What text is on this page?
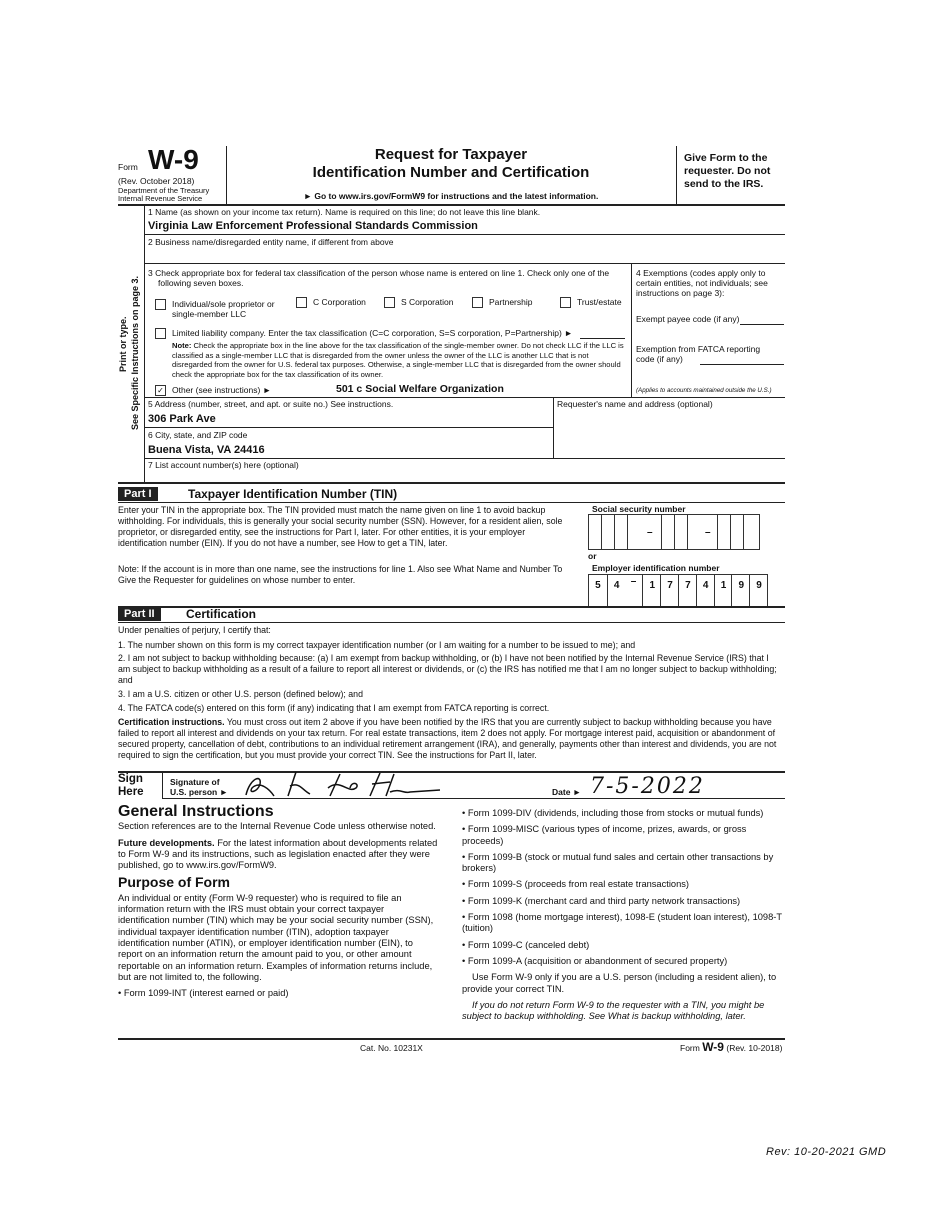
Form W-9
(Rev. October 2018)
Department of the Treasury
Internal Revenue Service
Request for Taxpayer
Identification Number and Certification
► Go to www.irs.gov/FormW9 for instructions and the latest information.
Give Form to the requester. Do not send to the IRS.
Print or type. See Specific Instructions on page 3.
1 Name (as shown on your income tax return). Name is required on this line; do not leave this line blank.
Virginia Law Enforcement Professional Standards Commission
2 Business name/disregarded entity name, if different from above
3 Check appropriate box for federal tax classification of the person whose name is entered on line 1. Check only one of the
following seven boxes.
Individual/sole proprietor or
single-member LLC
C Corporation	S Corporation	Partnership	Trust/estate
Limited liability company. Enter the tax classification (C=C corporation, S=S corporation, P=Partnership) ►
Note: Check the appropriate box in the line above for the tax classification of the single-member owner. Do not check LLC if the LLC is classified as a single-member LLC that is disregarded from the owner unless the owner of the LLC is another LLC that is not disregarded from the owner for U.S. federal tax purposes. Otherwise, a single-member LLC that is disregarded from the owner should check the appropriate box for the tax classification of its owner.
✓ Other (see instructions) ►	501 c Social Welfare Organization
4 Exemptions (codes apply only to certain entities, not individuals; see instructions on page 3):
Exempt payee code (if any)
Exemption from FATCA reporting code (if any)
(Applies to accounts maintained outside the U.S.)
5 Address (number, street, and apt. or suite no.) See instructions.
306 Park Ave
Requester's name and address (optional)
6 City, state, and ZIP code
Buena Vista, VA 24416
7 List account number(s) here (optional)
Part I	Taxpayer Identification Number (TIN)
Enter your TIN in the appropriate box. The TIN provided must match the name given on line 1 to avoid backup withholding. For individuals, this is generally your social security number (SSN). However, for a resident alien, sole proprietor, or disregarded entity, see the instructions for Part I, later. For other entities, it is your employer identification number (EIN). If you do not have a number, see How to get a TIN, later.
Note: If the account is in more than one name, see the instructions for line 1. Also see What Name and Number To Give the Requester for guidelines on whose number to enter.
Social security number
–	–
or
Employer identification number
5	4	–	1	7	7	4	1	9	9
Part II	Certification
Under penalties of perjury, I certify that:

1. The number shown on this form is my correct taxpayer identification number (or I am waiting for a number to be issued to me); and

2. I am not subject to backup withholding because: (a) I am exempt from backup withholding, or (b) I have not been notified by the Internal Revenue Service (IRS) that I am subject to backup withholding as a result of a failure to report all interest or dividends, or (c) the IRS has notified me that I am no longer subject to backup withholding; and

3. I am a U.S. citizen or other U.S. person (defined below); and

4. The FATCA code(s) entered on this form (if any) indicating that I am exempt from FATCA reporting is correct.

Certification instructions. You must cross out item 2 above if you have been notified by the IRS that you are currently subject to backup withholding because you have failed to report all interest and dividends on your tax return. For real estate transactions, item 2 does not apply. For mortgage interest paid, acquisition or abandonment of secured property, cancellation of debt, contributions to an individual retirement arrangement (IRA), and generally, payments other than interest and dividends, you are not required to sign the certification, but you must provide your correct TIN. See the instructions for Part II, later.

Sign Here
Signature of U.S. person ►	Date ► 7-5-2022
General Instructions

Section references are to the Internal Revenue Code unless otherwise noted.

Future developments. For the latest information about developments related to Form W-9 and its instructions, such as legislation enacted after they were published, go to www.irs.gov/FormW9.

Purpose of Form

An individual or entity (Form W-9 requester) who is required to file an information return with the IRS must obtain your correct taxpayer identification number (TIN) which may be your social security number (SSN), individual taxpayer identification number (ITIN), adoption taxpayer identification number (ATIN), or employer identification number (EIN), to report on an information return the amount paid to you, or other amount reportable on an information return. Examples of information returns include, but are not limited to, the following.

• Form 1099-INT (interest earned or paid)

• Form 1099-DIV (dividends, including those from stocks or mutual funds)

• Form 1099-MISC (various types of income, prizes, awards, or gross proceeds)

• Form 1099-B (stock or mutual fund sales and certain other transactions by brokers)

• Form 1099-S (proceeds from real estate transactions)

• Form 1099-K (merchant card and third party network transactions)

• Form 1098 (home mortgage interest), 1098-E (student loan interest), 1098-T (tuition)

• Form 1099-C (canceled debt)

• Form 1099-A (acquisition or abandonment of secured property)

Use Form W-9 only if you are a U.S. person (including a resident alien), to provide your correct TIN.

If you do not return Form W-9 to the requester with a TIN, you might be subject to backup withholding. See What is backup withholding, later.

Cat. No. 10231X	Form W-9 (Rev. 10-2018)
Rev: 10-20-2021 GMD
